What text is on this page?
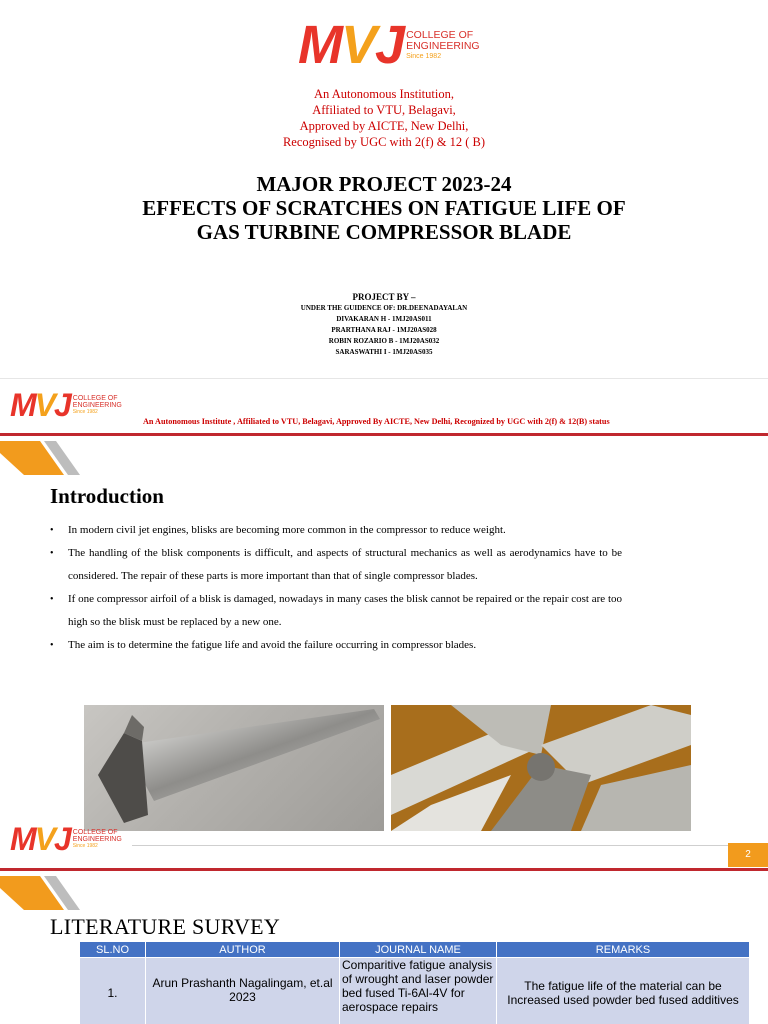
MVJ COLLEGE OF
ENGINEERING
Since 1982
An Autonomous Institution,
Affiliated to VTU, Belagavi,
Approved by AICTE, New Delhi,
Recognised by UGC with 2(f) & 12 ( B)
MAJOR PROJECT 2023-24
EFFECTS OF SCRATCHES ON FATIGUE LIFE OF
GAS TURBINE COMPRESSOR BLADE
PROJECT BY –
UNDER THE GUIDENCE OF: DR.DEENADAYALAN
DIVAKARAN H - 1MJ20AS011
PRARTHANA RAJ - 1MJ20AS028
ROBIN ROZARIO B - 1MJ20AS032
SARASWATHI I - 1MJ20AS035
MVJ COLLEGE OF
ENGINEERING
Since 1982
An Autonomous Institute , Affiliated to VTU, Belagavi, Approved By AICTE, New Delhi, Recognized by UGC with 2(f) & 12(B) status
Introduction
• In modern civil jet engines, blisks are becoming more common in the compressor to reduce weight.
• The handling of the blisk components is difficult, and aspects of structural mechanics as well as aerodynamics have to be considered. The repair of these parts is more important than that of single compressor blades.
• If one compressor airfoil of a blisk is damaged, nowadays in many cases the blisk cannot be repaired or the repair cost are too high so the blisk must be replaced by a new one.
• The aim is to determine the fatigue life and avoid the failure occurring in compressor blades.
MVJ COLLEGE OF
ENGINEERING
Since 1982
2
LITERATURE SURVEY
SL.NO	AUTHOR	JOURNAL NAME	REMARKS
1.	Arun Prashanth Nagalingam, et.al 2023	Comparitive fatigue analysis of wrought and laser powder bed fused Ti-6Al-4V for aerospace repairs	The fatigue life of the material can be Increased used powder bed fused additives
